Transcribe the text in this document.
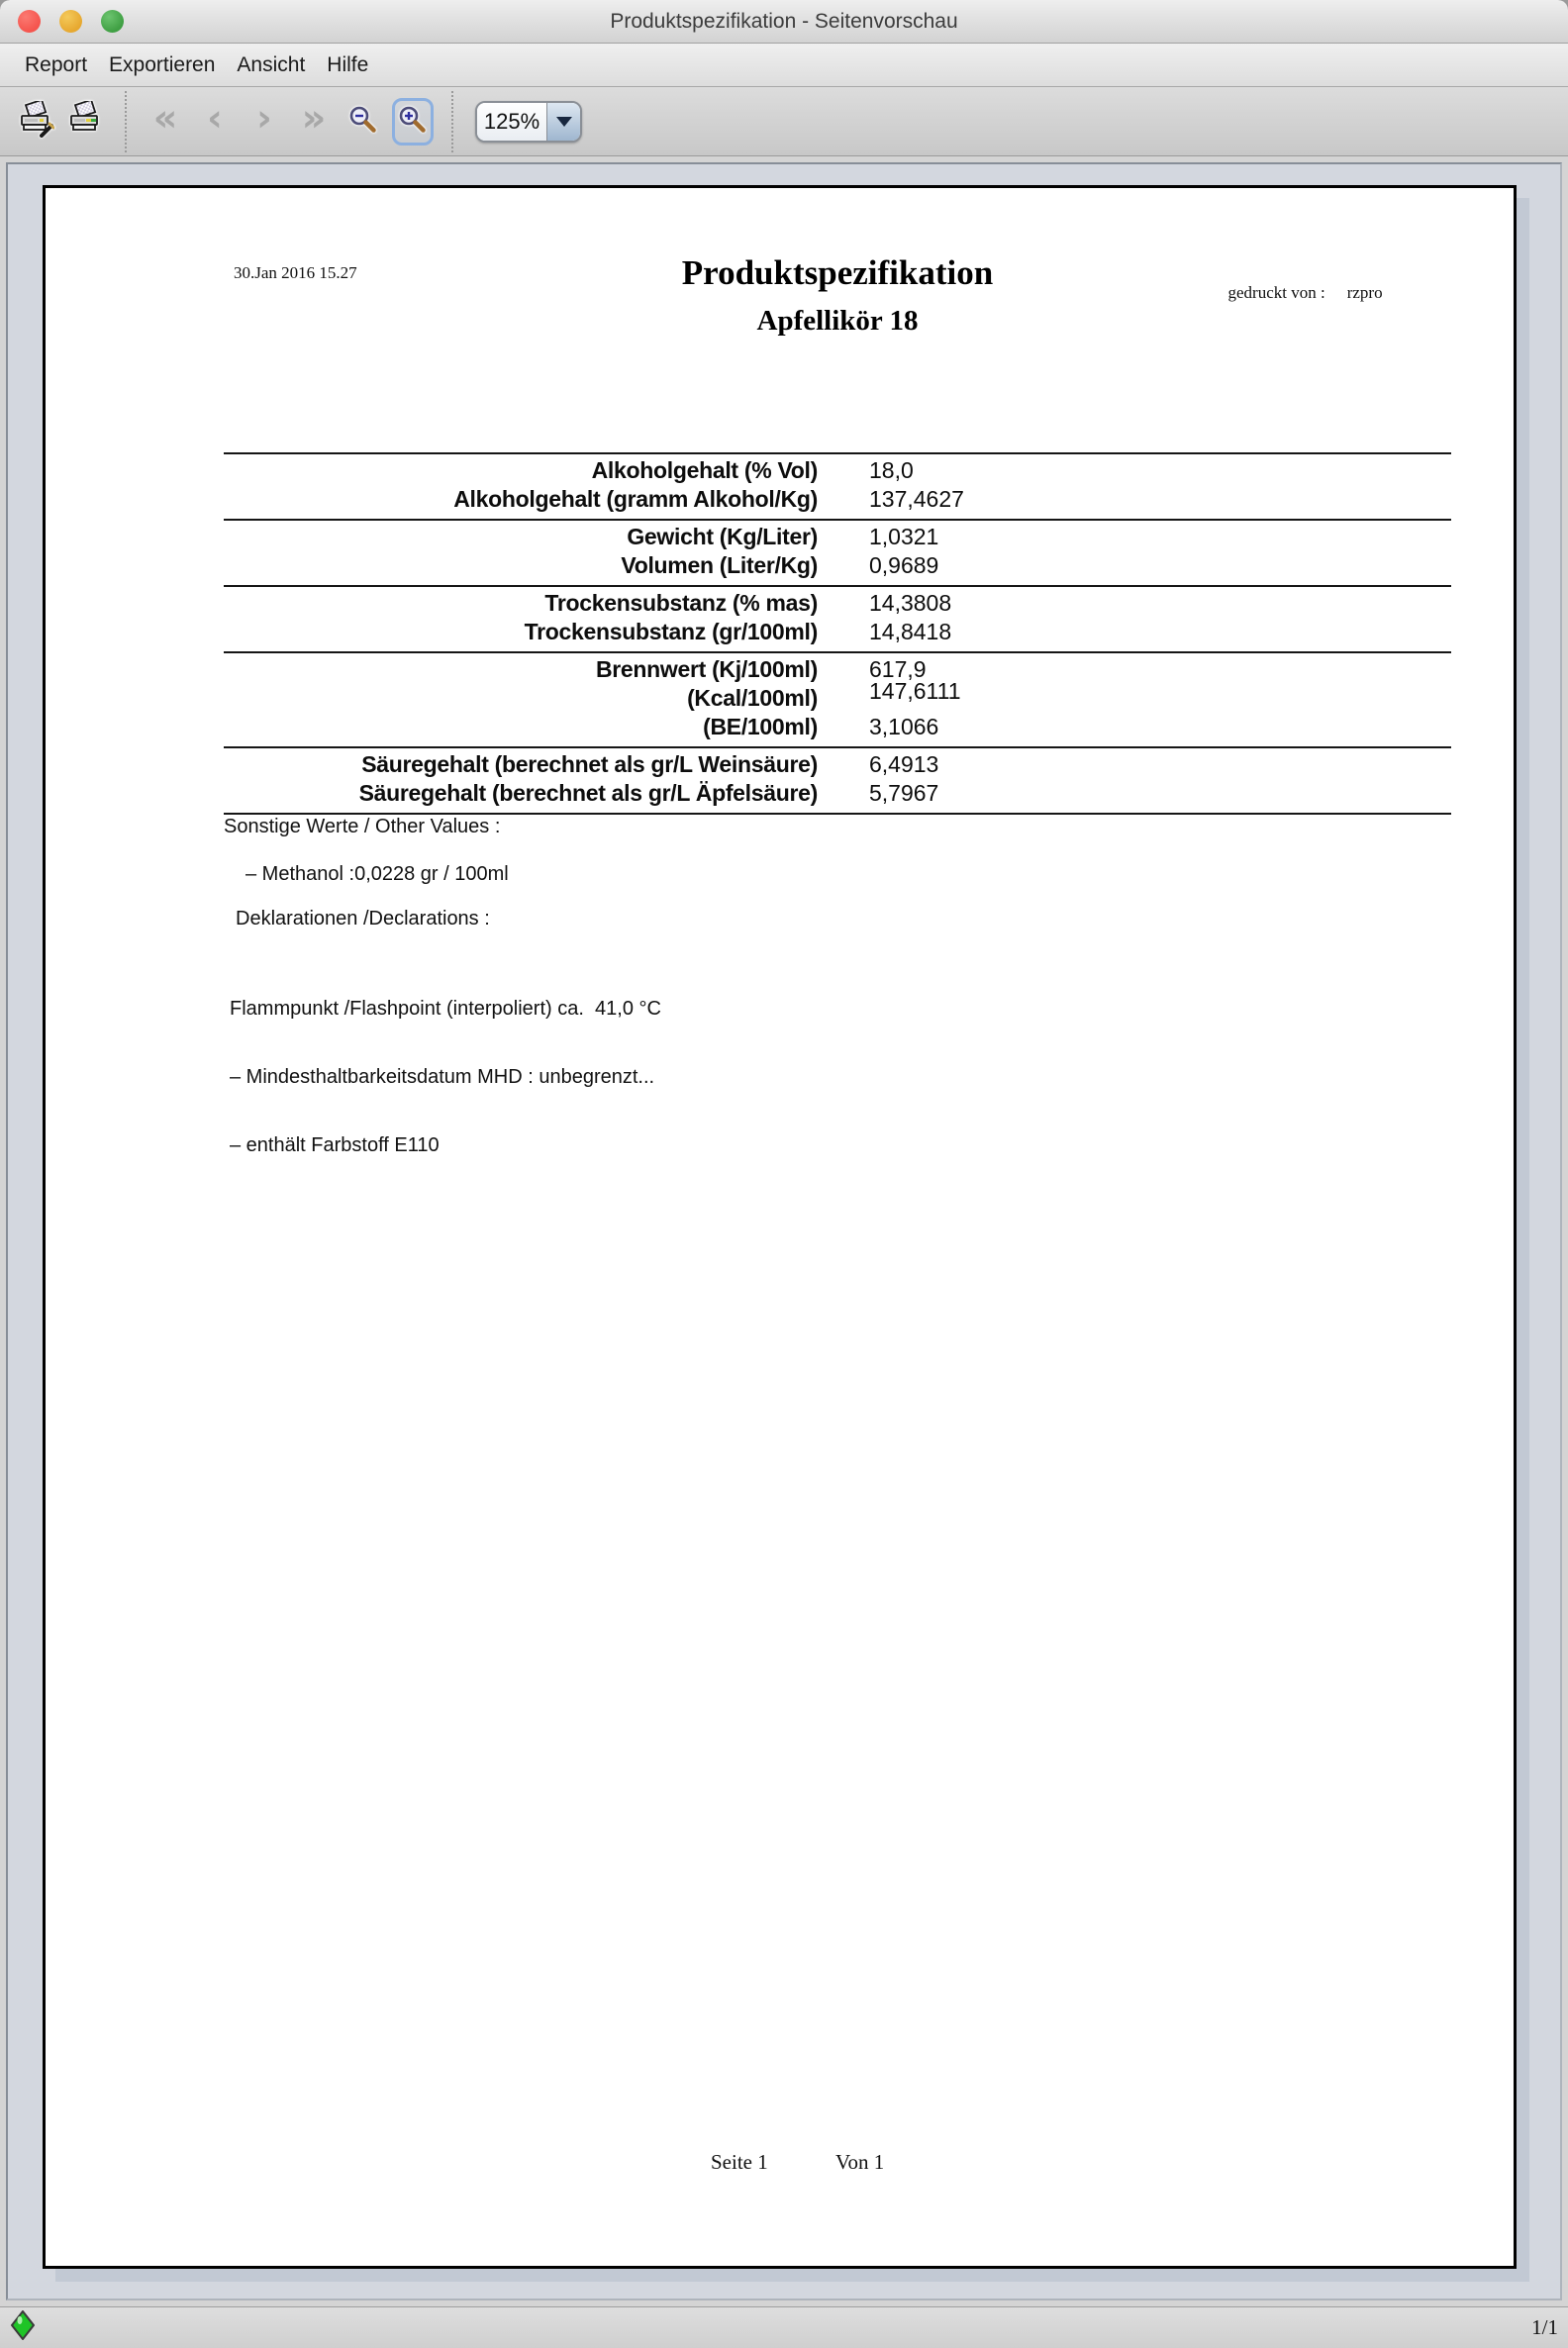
Produktspezifikation - Seitenvorschau
Report	Exportieren	Ansicht	Hilfe
« ‹ › »	125%
30.Jan 2016 15.27

gedruckt von : rzpro

Produktspezifikation
Apfellikör 18
Alkoholgehalt (% Vol) 18,0
Alkoholgehalt (gramm Alkohol/Kg) 137,4627
Gewicht (Kg/Liter) 1,0321
Volumen (Liter/Kg) 0,9689
Trockensubstanz (% mas) 14,3808
Trockensubstanz (gr/100ml) 14,8418
Brennwert (Kj/100ml) 617,9
(Kcal/100ml) 147,6111
(BE/100ml) 3,1066
Säuregehalt (berechnet als gr/L Weinsäure) 6,4913
Säuregehalt (berechnet als gr/L Äpfelsäure) 5,7967
Sonstige Werte / Other Values :
– Methanol :0,0228 gr / 100ml
Deklarationen /Declarations :

Flammpunkt /Flashpoint (interpoliert) ca.  41,0 °C

– Mindesthaltbarkeitsdatum MHD : unbegrenzt...

– enthält Farbstoff E110

Seite 1	Von 1
1/1
